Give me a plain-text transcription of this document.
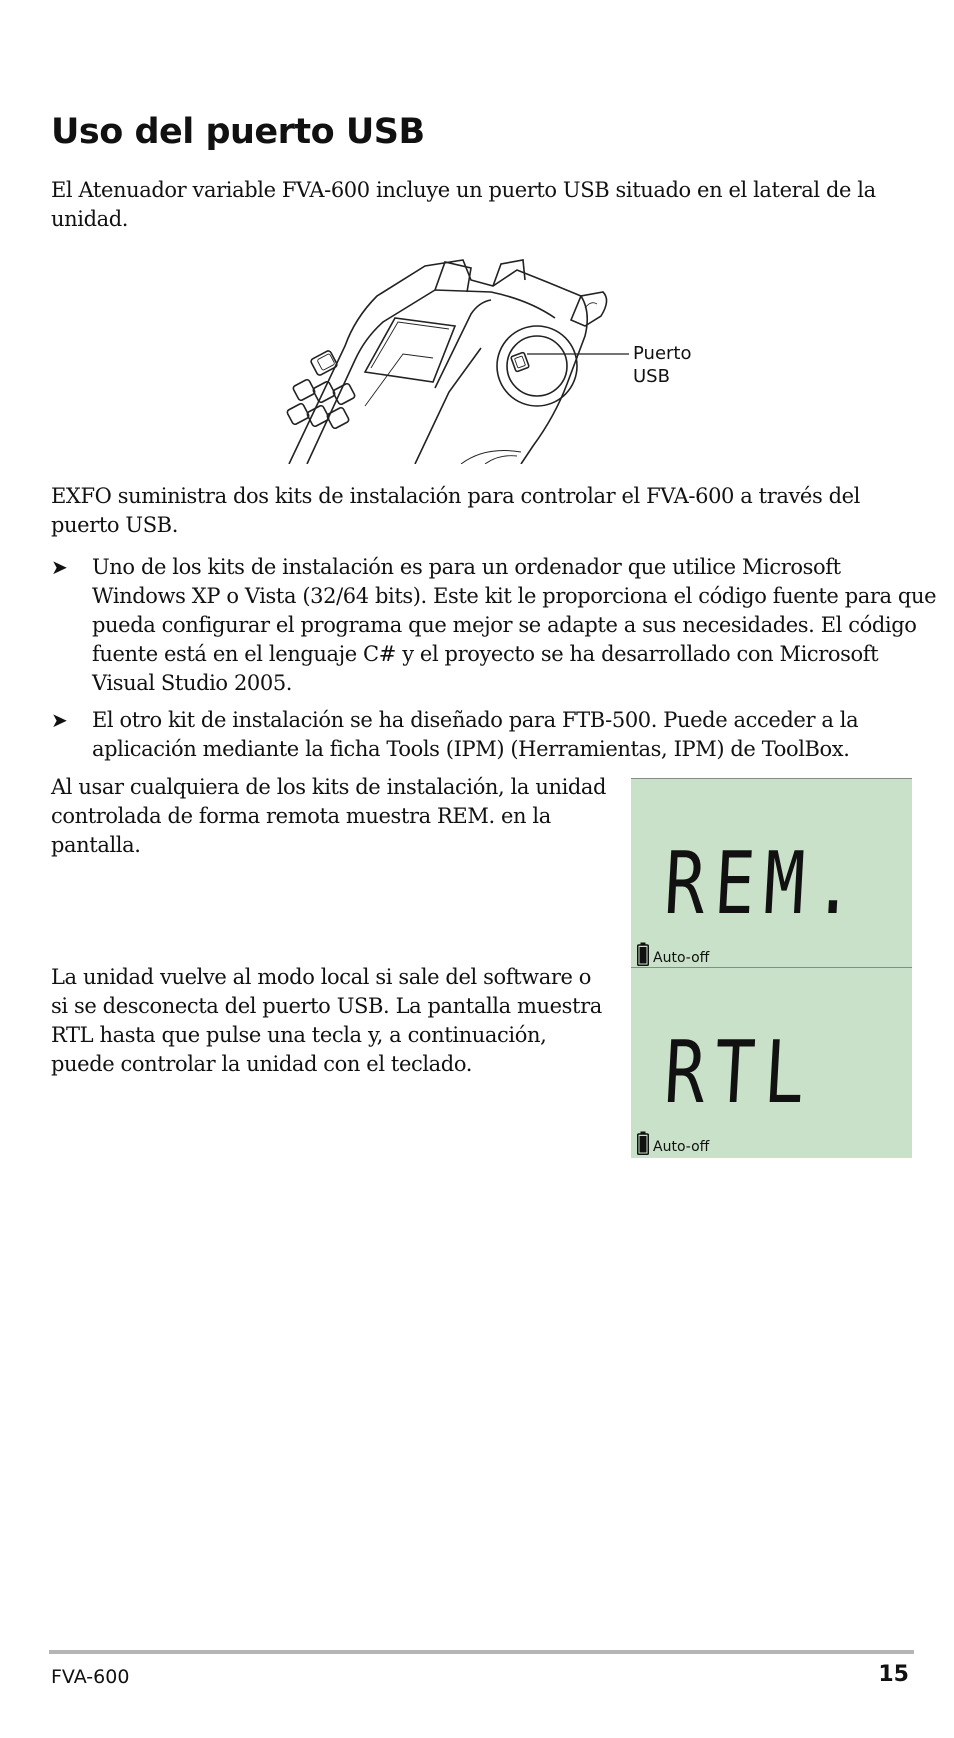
Uso del puerto USB

El Atenuador variable FVA-600 incluye un puerto USB situado en el lateral de la unidad.

Puerto
USB

EXFO suministra dos kits de instalación para controlar el FVA-600 a través del puerto USB.

➤ Uno de los kits de instalación es para un ordenador que utilice Microsoft Windows XP o Vista (32/64 bits). Este kit le proporciona el código fuente para que pueda configurar el programa que mejor se adapte a sus necesidades. El código fuente está en el lenguaje C# y el proyecto se ha desarrollado con Microsoft Visual Studio 2005.
➤ El otro kit de instalación se ha diseñado para FTB-500. Puede acceder a la aplicación mediante la ficha Tools (IPM) (Herramientas, IPM) de ToolBox.

Al usar cualquiera de los kits de instalación, la unidad controlada de forma remota muestra REM. en la pantalla.

La unidad vuelve al modo local si sale del software o si se desconecta del puerto USB. La pantalla muestra RTL hasta que pulse una tecla y, a continuación, puede controlar la unidad con el teclado.

REM.
Auto-off
RTL
Auto-off
FVA-600	15
